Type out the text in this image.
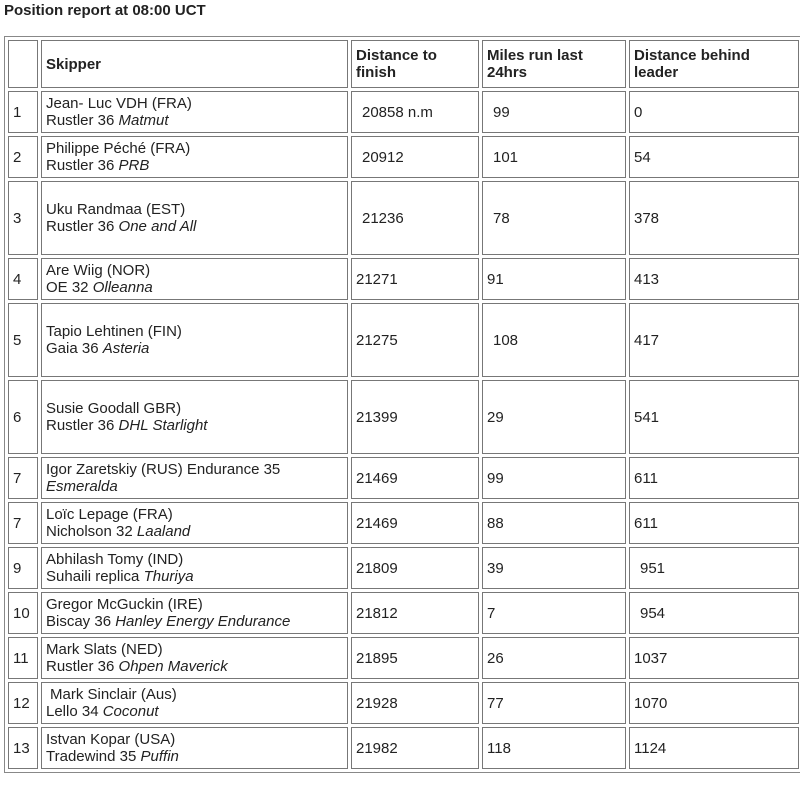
Position report at 08:00 UCT
	Skipper	Distance to finish	Miles run last 24hrs	Distance behind leader
1	Jean- Luc VDH (FRA)
Rustler 36 Matmut	20858 n.m	99	0
2	Philippe Péché (FRA)
Rustler 36 PRB	20912	101	54
3	Uku Randmaa (EST)
Rustler 36 One and All	21236	78	378
4	Are Wiig (NOR)
OE 32 Olleanna	21271	91	413
5	Tapio Lehtinen (FIN)
Gaia 36 Asteria	21275	108	417
6	Susie Goodall GBR)
Rustler 36 DHL Starlight	21399	29	541
7	Igor Zaretskiy (RUS) Endurance 35
Esmeralda	21469	99	611
7	Loïc Lepage (FRA)
Nicholson 32 Laaland	21469	88	611
9	Abhilash Tomy (IND)
Suhaili replica Thuriya	21809	39	951
10	Gregor McGuckin (IRE)
Biscay 36 Hanley Energy Endurance	21812	7	954
11	Mark Slats (NED)
Rustler 36 Ohpen Maverick	21895	26	1037
12	Mark Sinclair (Aus)
Lello 34 Coconut	21928	77	1070
13	Istvan Kopar (USA)
Tradewind 35 Puffin	21982	118	1124
